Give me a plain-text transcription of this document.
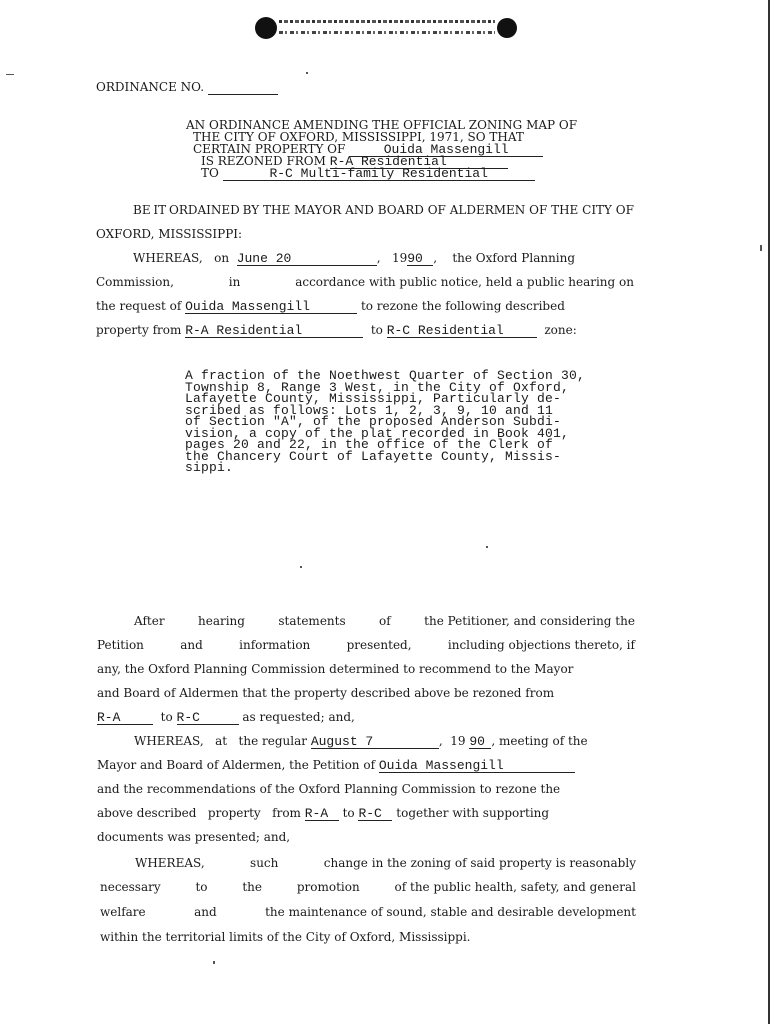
ORDINANCE NO.
AN ORDINANCE AMENDING THE OFFICIAL ZONING MAP OF
THE CITY OF OXFORD, MISSISSIPPI, 1971, SO THAT
CERTAIN PROPERTY OF	Ouida Massengill
IS REZONED FROM R-A Residential
TO	R-C Multi-family Residential
BE IT ORDAINED BY THE MAYOR AND BOARD OF ALDERMEN OF THE CITY OF
OXFORD, MISSISSIPPI:
WHEREAS, on June 20	,   1990 ,    the Oxford Planning
Commission,	in	accordance with public notice, held a public hearing on
the request of Ouida Massengill	to rezone the following described
property from R-A Residential	to R-C Residential	zone:
A fraction of the Noethwest Quarter of Section 30,
Township 8, Range 3 West, in the City of Oxford,
Lafayette County, Mississippi, Particularly de-
scribed as follows: Lots 1, 2, 3, 9, 10 and 11
of Section "A", of the proposed Anderson Subdi-
vision, a copy of the plat recorded in Book 401,
pages 20 and 22, in the office of the Clerk of
the Chancery Court of Lafayette County, Missis-
sippi.
After	hearing	statements	of	the Petitioner, and considering the
Petition	and	information	presented,	including objections thereto, if
any, the Oxford Planning Commission determined to recommend to the Mayor
and Board of Aldermen that the property described above be rezoned from
R-A	to R-C	as requested; and,
WHEREAS, at the regular August 7	,  19 90 , meeting of the
Mayor and Board of Aldermen, the Petition of Ouida Massengill
and the recommendations of the Oxford Planning Commission to rezone the
above described property from R-A to R-C together with supporting
documents was presented; and,
WHEREAS,	such	change in the zoning of said property is reasonably
necessary	to	the	promotion	of the public health, safety, and general
welfare	and	the maintenance of sound, stable and desirable development
within the territorial limits of the City of Oxford, Mississippi.
